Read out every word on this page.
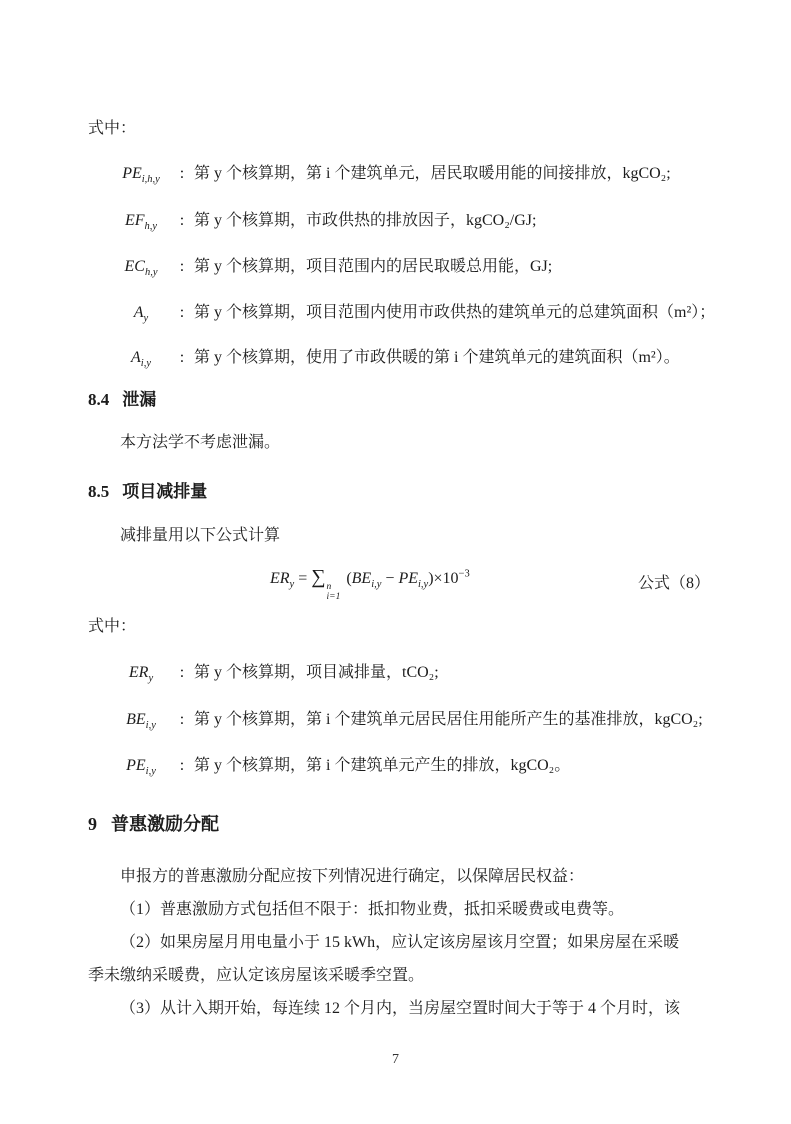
式中：
$PE_{i,h,y}$	: 第 y 个核算期，第 i 个建筑单元，居民取暖用能的间接排放，kgCO₂;
$EF_{h,y}$	: 第 y 个核算期，市政供热的排放因子，kgCO₂/GJ;
$EC_{h,y}$	: 第 y 个核算期，项目范围内的居民取暖总用能，GJ;
$A_y$	: 第 y 个核算期，项目范围内使用市政供热的建筑单元的总建筑面积（m²）；
$A_{i,y}$	: 第 y 个核算期，使用了市政供暖的第 i 个建筑单元的建筑面积（m²）。
8.4 泄漏
本方法学不考虑泄漏。
8.5 项目减排量
减排量用以下公式计算
$ER_y$ = ∑ n
i=1
$(BE_{i,y} - PE_{i,y})\times 10^{-3}$
公式（8）
式中：
$ER_y$	: 第 y 个核算期，项目减排量，tCO₂;
$BE_{i,y}$	: 第 y 个核算期，第 i 个建筑单元居民居住用能所产生的基准排放，kgCO₂;
$PE_{i,y}$	: 第 y 个核算期，第 i 个建筑单元产生的排放，kgCO₂。
9 普惠激励分配
申报方的普惠激励分配应按下列情况进行确定，以保障居民权益：
（1）普惠激励方式包括但不限于：抵扣物业费，抵扣采暖费或电费等。
（2）如果房屋月用电量小于 15 kWh，应认定该房屋该月空置；如果房屋在采暖
季未缴纳采暖费，应认定该房屋该采暖季空置。
（3）从计入期开始，每连续 12 个月内，当房屋空置时间大于等于 4 个月时，该
7
